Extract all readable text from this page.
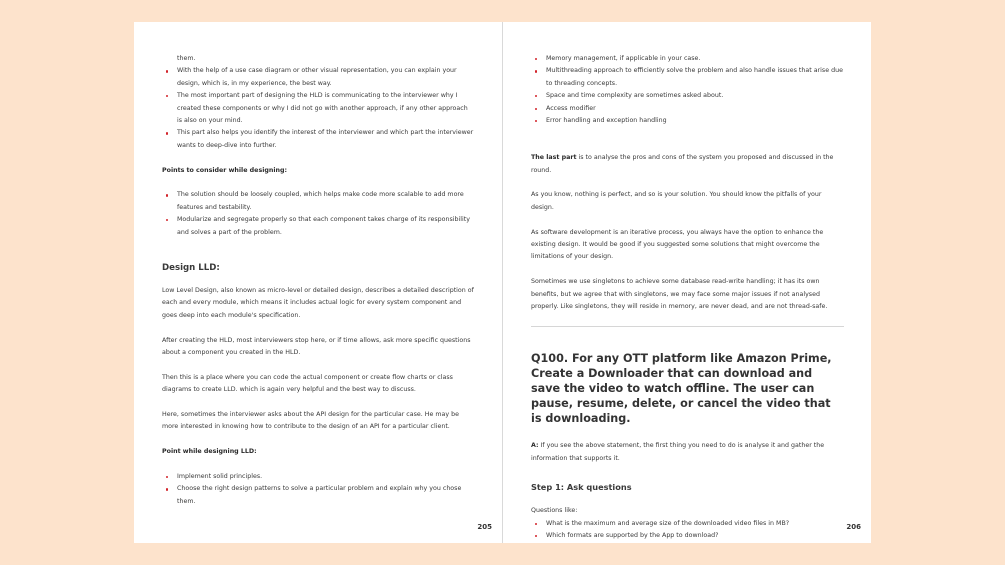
them.

With the help of a use case diagram or other visual representation, you can explain your design, which is, in my experience, the best way.
The most important part of designing the HLD is communicating to the interviewer why I created these components or why I did not go with another approach, if any other approach is also on your mind.
This part also helps you identify the interest of the interviewer and which part the interviewer wants to deep-dive into further.

Points to consider while designing:

The solution should be loosely coupled, which helps make code more scalable to add more features and testability.
Modularize and segregate properly so that each component takes charge of its responsibility and solves a part of the problem.
Design LLD:

Low Level Design, also known as micro-level or detailed design, describes a detailed description of each and every module, which means it includes actual logic for every system component and goes deep into each module's specification.

After creating the HLD, most interviewers stop here, or if time allows, ask more specific questions about a component you created in the HLD.

Then this is a place where you can code the actual component or create flow charts or class diagrams to create LLD. which is again very helpful and the best way to discuss.

Here, sometimes the interviewer asks about the API design for the particular case. He may be more interested in knowing how to contribute to the design of an API for a particular client.

Point while designing LLD:

Implement solid principles.
Choose the right design patterns to solve a particular problem and explain why you chose them.
205
Memory management, if applicable in your case.
Multithreading approach to efficiently solve the problem and also handle issues that arise due to threading concepts.
Space and time complexity are sometimes asked about.
Access modifier
Error handling and exception handling

The last part is to analyse the pros and cons of the system you proposed and discussed in the round.

As you know, nothing is perfect, and so is your solution. You should know the pitfalls of your design.

As software development is an iterative process, you always have the option to enhance the existing design. It would be good if you suggested some solutions that might overcome the limitations of your design.

Sometimes we use singletons to achieve some database read-write handling; it has its own benefits, but we agree that with singletons, we may face some major issues if not analysed properly. Like singletons, they will reside in memory, are never dead, and are not thread-safe.

Q100. For any OTT platform like Amazon Prime, Create a Downloader that can download and save the video to watch offline. The user can pause, resume, delete, or cancel the video that is downloading.

A: If you see the above statement, the first thing you need to do is analyse it and gather the information that supports it.

Step 1: Ask questions

Questions like:

What is the maximum and average size of the downloaded video files in MB?
Which formats are supported by the App to download?
206
